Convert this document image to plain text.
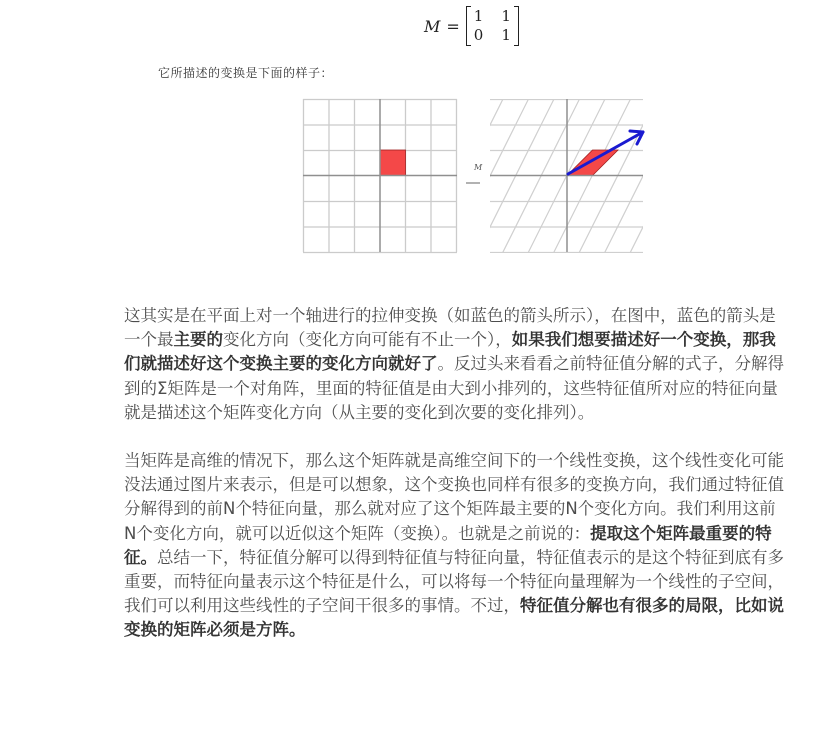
M =
1 1
0 1
它所描述的变换是下面的样子：
M

这其实是在平面上对一个轴进行的拉伸变换（如蓝色的箭头所示），在图中，蓝色的箭头是一个最主要的变化方向（变化方向可能有不止一个），如果我们想要描述好一个变换，那我们就描述好这个变换主要的变化方向就好了。反过头来看看之前特征值分解的式子，分解得到的Σ矩阵是一个对角阵，里面的特征值是由大到小排列的，这些特征值所对应的特征向量就是描述这个矩阵变化方向（从主要的变化到次要的变化排列）。

当矩阵是高维的情况下，那么这个矩阵就是高维空间下的一个线性变换，这个线性变化可能没法通过图片来表示，但是可以想象，这个变换也同样有很多的变换方向，我们通过特征值分解得到的前N个特征向量，那么就对应了这个矩阵最主要的N个变化方向。我们利用这前N个变化方向，就可以近似这个矩阵（变换）。也就是之前说的：提取这个矩阵最重要的特征。总结一下，特征值分解可以得到特征值与特征向量，特征值表示的是这个特征到底有多重要，而特征向量表示这个特征是什么，可以将每一个特征向量理解为一个线性的子空间，我们可以利用这些线性的子空间干很多的事情。不过，特征值分解也有很多的局限，比如说变换的矩阵必须是方阵。
